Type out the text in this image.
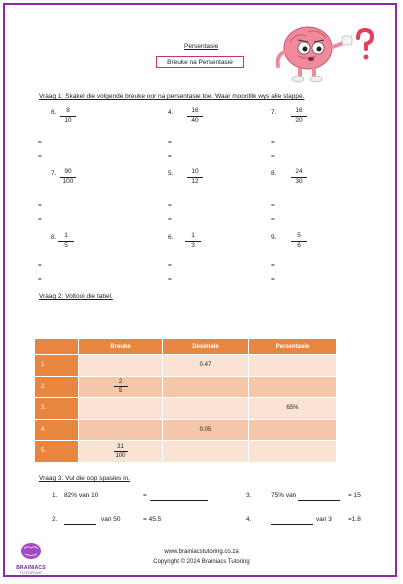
Persentasie
Breuke na Persentasie
Vraag 1: Skakel die volgende breuke oor na persentasie toe. Waar moontlik wys alle stappe.
6. $\frac{8}{10}$	4. $\frac{16}{40}$	7. $\frac{16}{20}$
=
=
=
=
=
=
7. $\frac{90}{100}$	5. $\frac{10}{12}$	8. $\frac{24}{30}$
=
=
=
=
=
=
8. $\frac{1}{5}$	6. $\frac{1}{3}$	9. $\frac{5}{6}$
=
=
=
=
=
=
Vraag 2: Voltooi die tabel.
	Breuke	Desimale	Persentasie
1.		0.47	
2.	$\frac{2}{5}$

3.			65%
4.		0.05	
5.	$\frac{31}{100}$

Vraag 3: Vul die oop spasies in.
1. 82% van 10	=	3.	75% van	= 15
2.	van 50	= 45.5	4.	van 3 =1.8
www.brainiacstutoring.co.za
Copyright © 2024 Brainiacs Tutoring
BRAINIACS
TUTORING
